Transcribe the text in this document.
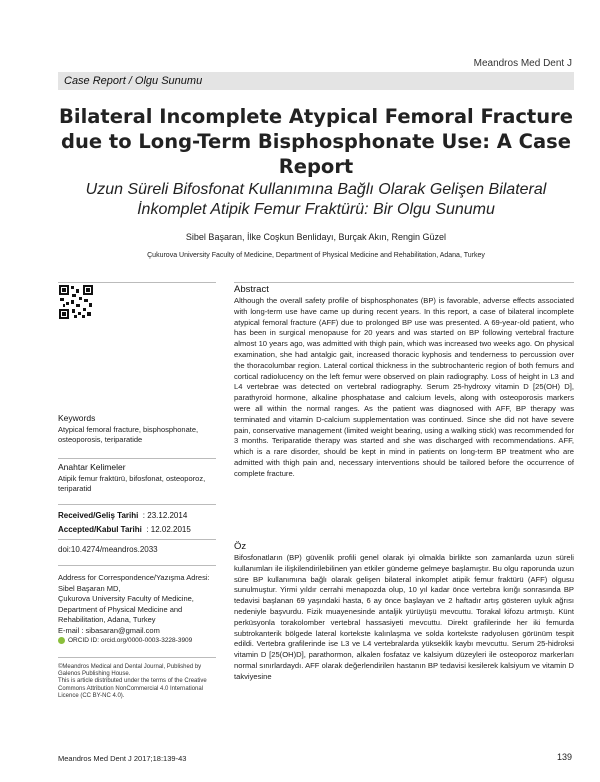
Meandros Med Dent J
Case Report / Olgu Sunumu
Bilateral Incomplete Atypical Femoral Fracture due to Long-Term Bisphosphonate Use: A Case Report
Uzun Süreli Bifosfonat Kullanımına Bağlı Olarak Gelişen Bilateral İnkomplet Atipik Femur Fraktürü: Bir Olgu Sunumu
Sibel Başaran, İlke Coşkun Benlidayı, Burçak Akın, Rengin Güzel
Çukurova University Faculty of Medicine, Department of Physical Medicine and Rehabilitation, Adana, Turkey
Keywords
Atypical femoral fracture, bisphosphonate, osteoporosis, teriparatide
Anahtar Kelimeler
Atipik femur fraktürü, bifosfonat, osteoporoz, teriparatid
Received/Geliş Tarihi : 23.12.2014
Accepted/Kabul Tarihi : 12.02.2015
doi:10.4274/meandros.2033
Address for Correspondence/Yazışma Adresi:
Sibel Başaran MD,
Çukurova University Faculty of Medicine,
Department of Physical Medicine and
Rehabilitation, Adana, Turkey
E-mail : sibasaran@gmail.com
ORCID ID: orcid.org/0000-0003-3228-3909
©Meandros Medical and Dental Journal, Published by Galenos Publishing House.
This is article distributed under the terms of the Creative Commons Attribution NonCommercial 4.0 International Licence (CC BY-NC 4.0).
Abstract
Although the overall safety profile of bisphosphonates (BP) is favorable, adverse effects associated with long-term use have came up during recent years. In this report, a case of bilateral incomplete atypical femoral fracture (AFF) due to prolonged BP use was presented. A 69-year-old patient, who has been in surgical menopause for 20 years and was started on BP following vertebral fracture almost 10 years ago, was admitted with thigh pain, which was increased two weeks ago. On physical examination, she had antalgic gait, increased thoracic kyphosis and tenderness to percussion over the thoracolumbar region. Lateral cortical thickness in the subtrochanteric region of both femurs and cortical radiolucency on the left femur were observed on plain radiography. Loss of height in L3 and L4 vertebrae was detected on vertebral radiography. Serum 25-hydroxy vitamin D [25(OH) D], parathyroid hormone, alkaline phosphatase and calcium levels, along with osteoporosis markers were all within the normal ranges. As the patient was diagnosed with AFF, BP therapy was terminated and vitamin D-calcium supplementation was continued. Since she did not have severe pain, conservative management (limited weight bearing, using a walking stick) was recommended for 3 months. Teriparatide therapy was started and she was discharged with recommendations. AFF, which is a rare disorder, should be kept in mind in patients on long-term BP treatment who are admitted with thigh pain and, necessary interventions should be tailored before the occurrence of complete fracture.
Öz
Bifosfonatların (BP) güvenlik profili genel olarak iyi olmakla birlikte son zamanlarda uzun süreli kullanımları ile ilişkilendirilebilinen yan etkiler gündeme gelmeye başlamıştır. Bu olgu raporunda uzun süre BP kullanımına bağlı olarak gelişen bilateral inkomplet atipik femur fraktürü (AFF) olgusu sunulmuştur. Yirmi yıldır cerrahi menapozda olup, 10 yıl kadar önce vertebra kırığı sonrasında BP tedavisi başlanan 69 yaşındaki hasta, 6 ay önce başlayan ve 2 haftadır artış gösteren uyluk ağrısı nedeniyle başvurdu. Fizik muayenesinde antaljik yürüyüşü mevcuttu. Torakal kifozu artmıştı. Künt perküsyonla torakolomber vertebral hassasiyeti mevcuttu. Direkt grafilerinde her iki femurda subtrokanterik bölgede lateral kortekste kalınlaşma ve solda kortekste radyolusen görünüm tespit edildi. Vertebra grafilerinde ise L3 ve L4 vertebralarda yükseklik kaybı mevcuttu. Serum 25-hidroksi vitamin D [25(OH)D], parathormon, alkalen fosfataz ve kalsiyum düzeyleri ile osteoporoz markerları normal sınırlardaydı. AFF olarak değerlendirilen hastanın BP tedavisi kesilerek kalsiyum ve vitamin D takviyesine
Meandros Med Dent J 2017;18:139-43	139
